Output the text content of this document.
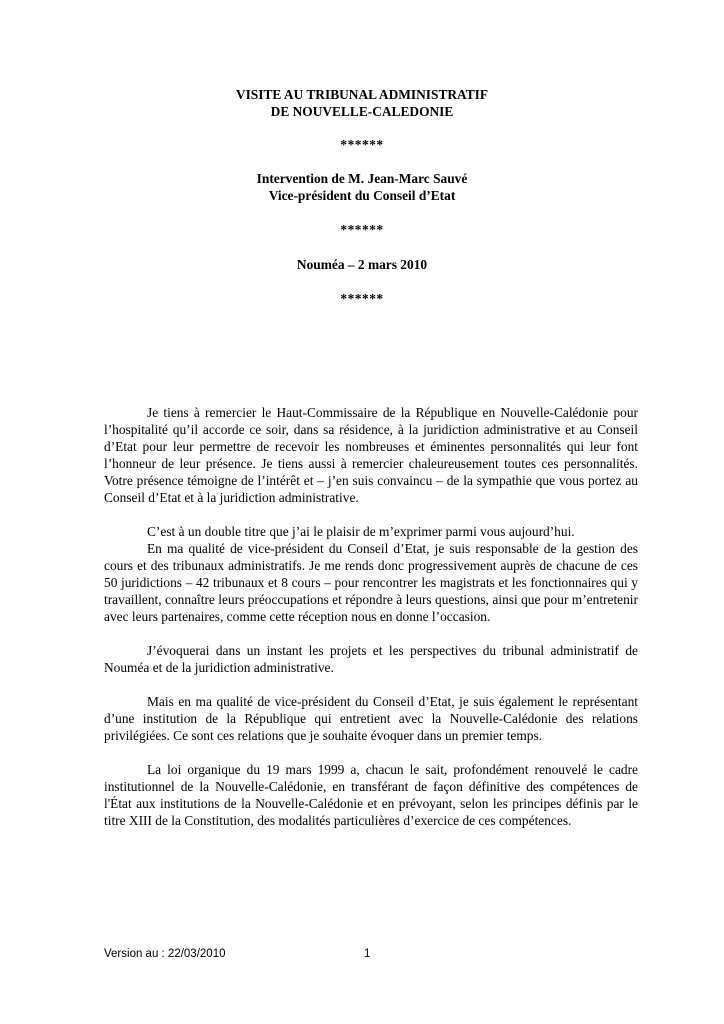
VISITE AU TRIBUNAL ADMINISTRATIF
DE NOUVELLE-CALEDONIE
******
Intervention de M. Jean-Marc Sauvé
Vice-président du Conseil d’Etat
******
Nouméa – 2 mars 2010
******

Je tiens à remercier le Haut-Commissaire de la République en Nouvelle-Calédonie pour l’hospitalité qu’il accorde ce soir, dans sa résidence, à la juridiction administrative et au Conseil d’Etat pour leur permettre de recevoir les nombreuses et éminentes personnalités qui leur font l’honneur de leur présence. Je tiens aussi à remercier chaleureusement toutes ces personnalités. Votre présence témoigne de l’intérêt et – j’en suis convaincu – de la sympathie que vous portez au Conseil d’Etat et à la juridiction administrative.

C’est à un double titre que j’ai le plaisir de m’exprimer parmi vous aujourd’hui.

En ma qualité de vice-président du Conseil d’Etat, je suis responsable de la gestion des cours et des tribunaux administratifs. Je me rends donc progressivement auprès de chacune de ces 50 juridictions – 42 tribunaux et 8 cours – pour rencontrer les magistrats et les fonctionnaires qui y travaillent, connaître leurs préoccupations et répondre à leurs questions, ainsi que pour m’entretenir avec leurs partenaires, comme cette réception nous en donne l’occasion.

J’évoquerai dans un instant les projets et les perspectives du tribunal administratif de Nouméa et de la juridiction administrative.

Mais en ma qualité de vice-président du Conseil d’Etat, je suis également le représentant d’une institution de la République qui entretient avec la Nouvelle-Calédonie des relations privilégiées. Ce sont ces relations que je souhaite évoquer dans un premier temps.

La loi organique du 19 mars 1999 a, chacun le sait, profondément renouvelé le cadre institutionnel de la Nouvelle-Calédonie, en transférant de façon définitive des compétences de l'État aux institutions de la Nouvelle-Calédonie et en prévoyant, selon les principes définis par le titre XIII de la Constitution, des modalités particulières d’exercice de ces compétences.

Version au : 22/03/2010	1
